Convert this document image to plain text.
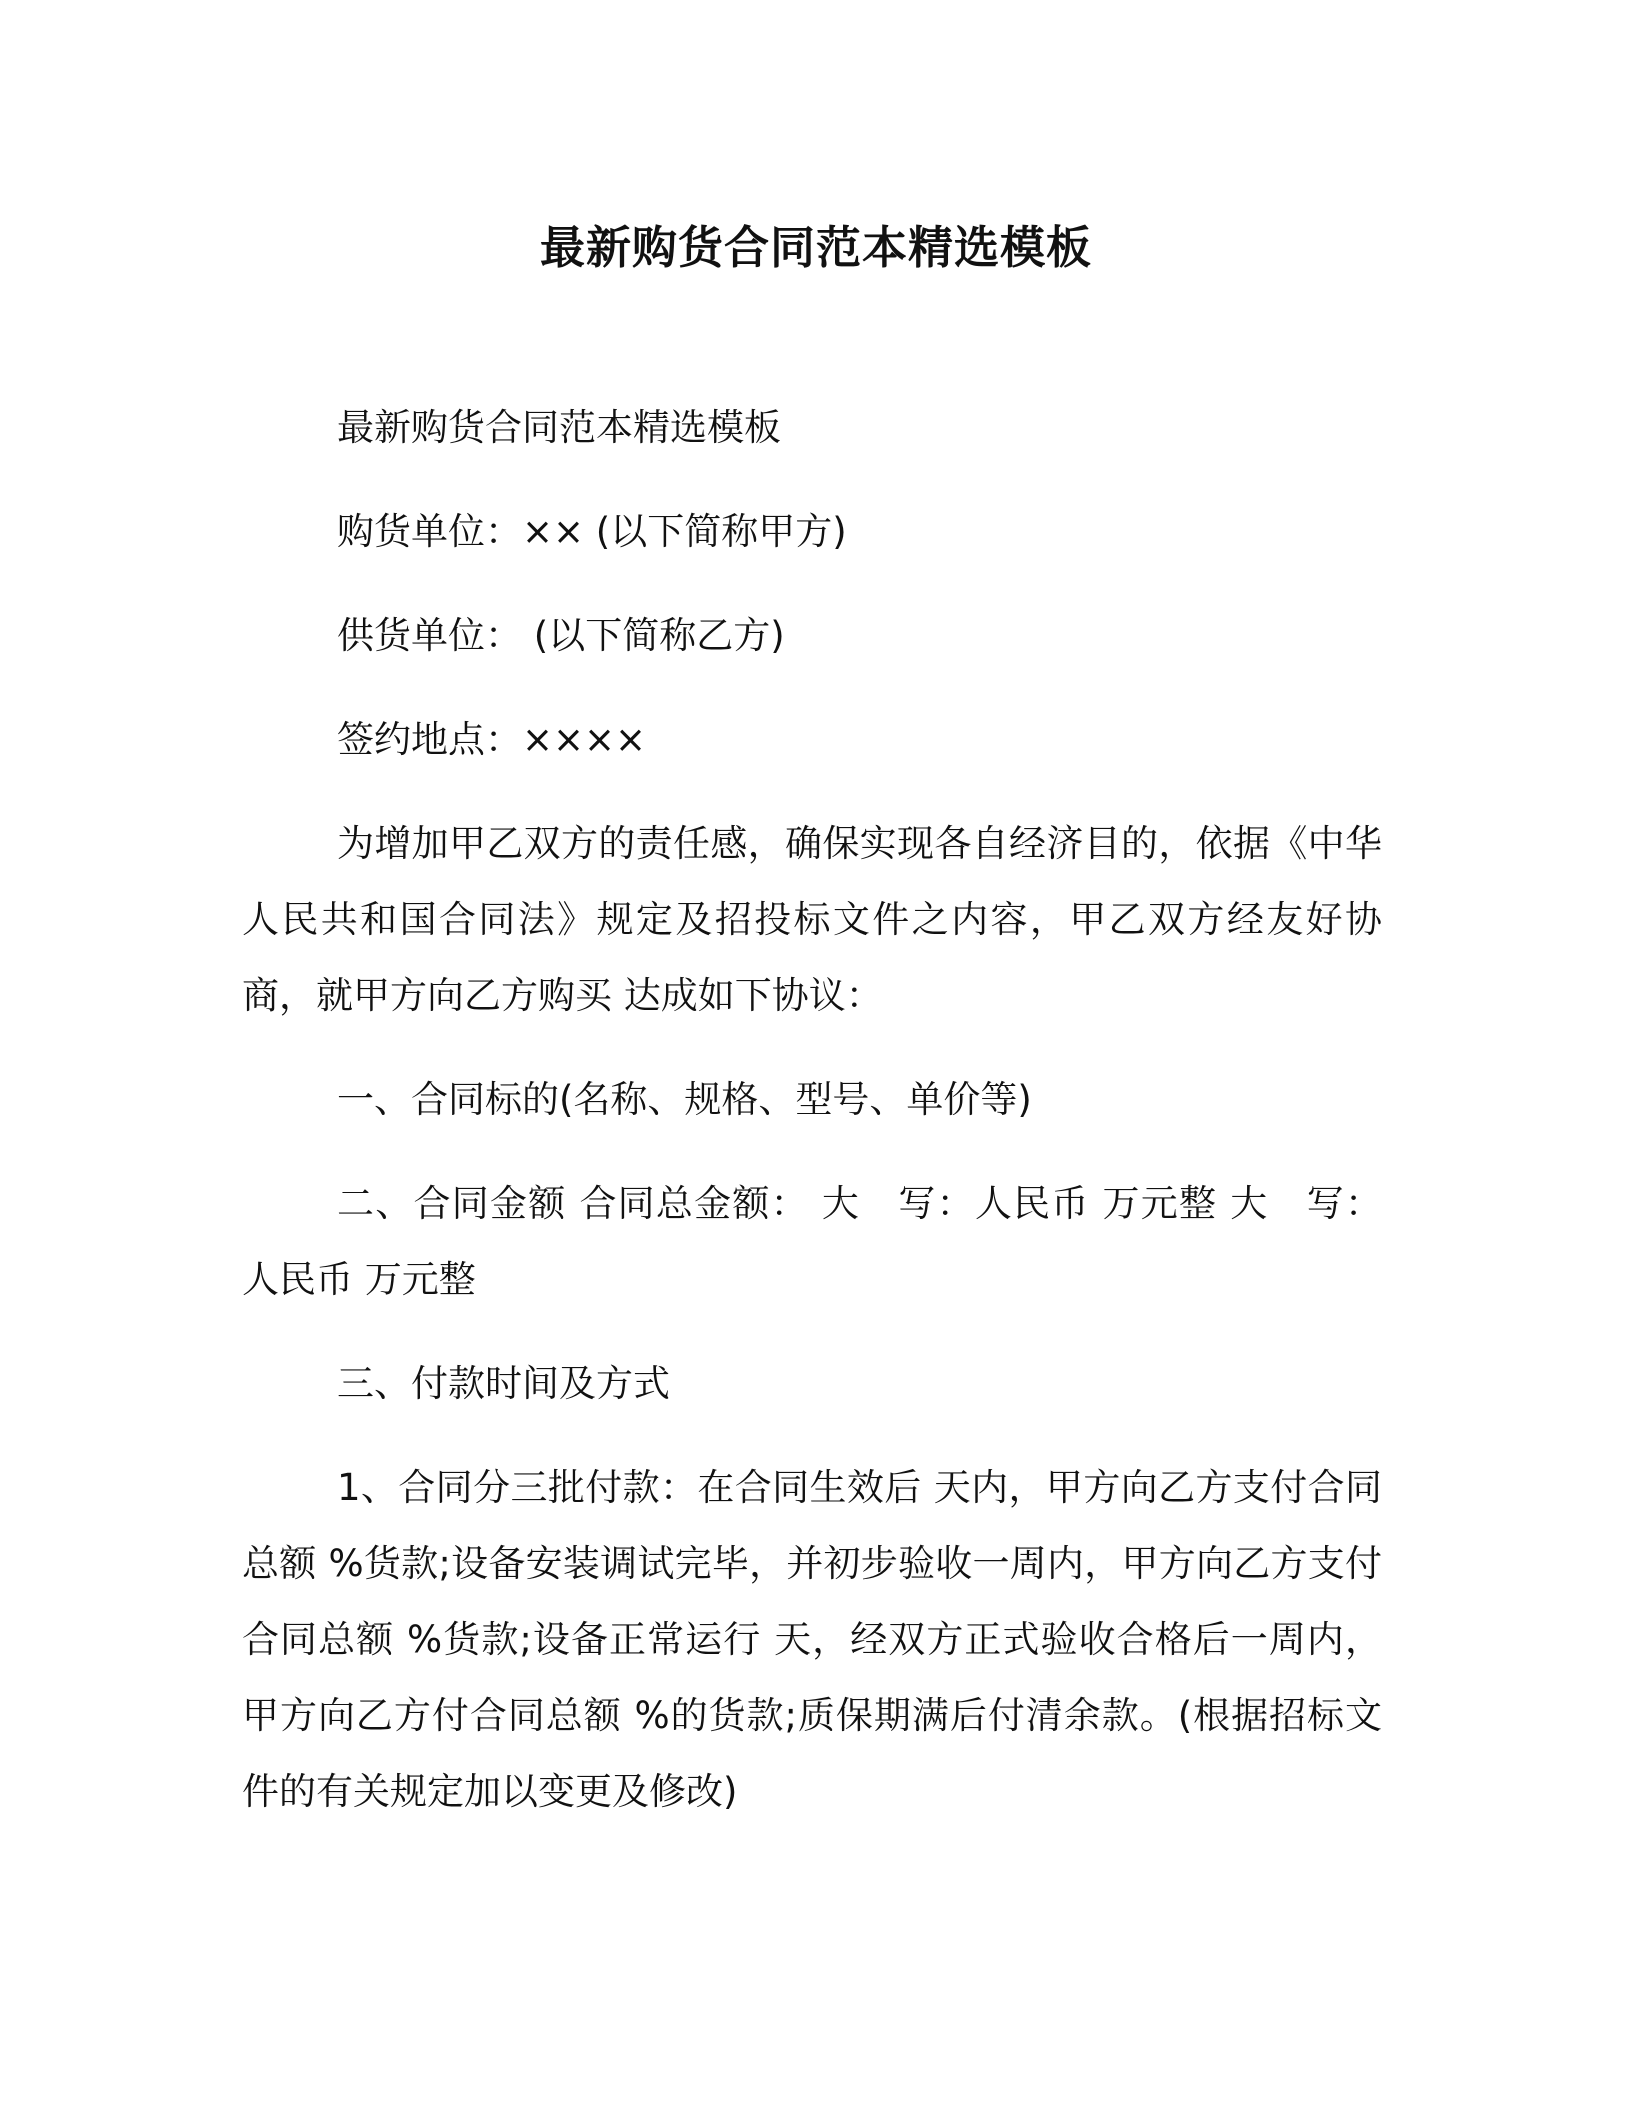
最新购货合同范本精选模板

最新购货合同范本精选模板

购货单位：×× (以下简称甲方)

供货单位： (以下简称乙方)

签约地点：××××

为增加甲乙双方的责任感，确保实现各自经济目的，依据《中华人民共和国合同法》规定及招投标文件之内容，甲乙双方经友好协商，就甲方向乙方购买 达成如下协议：

一、合同标的(名称、规格、型号、单价等)

二、合同金额 合同总金额： 大　写：人民币 万元整 大　写： 人民币 万元整

三、付款时间及方式

1、合同分三批付款：在合同生效后 天内，甲方向乙方支付合同总额 %货款;设备安装调试完毕，并初步验收一周内，甲方向乙方支付合同总额 %货款;设备正常运行 天，经双方正式验收合格后一周内，甲方向乙方付合同总额 %的货款;质保期满后付清余款。(根据招标文件的有关规定加以变更及修改)
